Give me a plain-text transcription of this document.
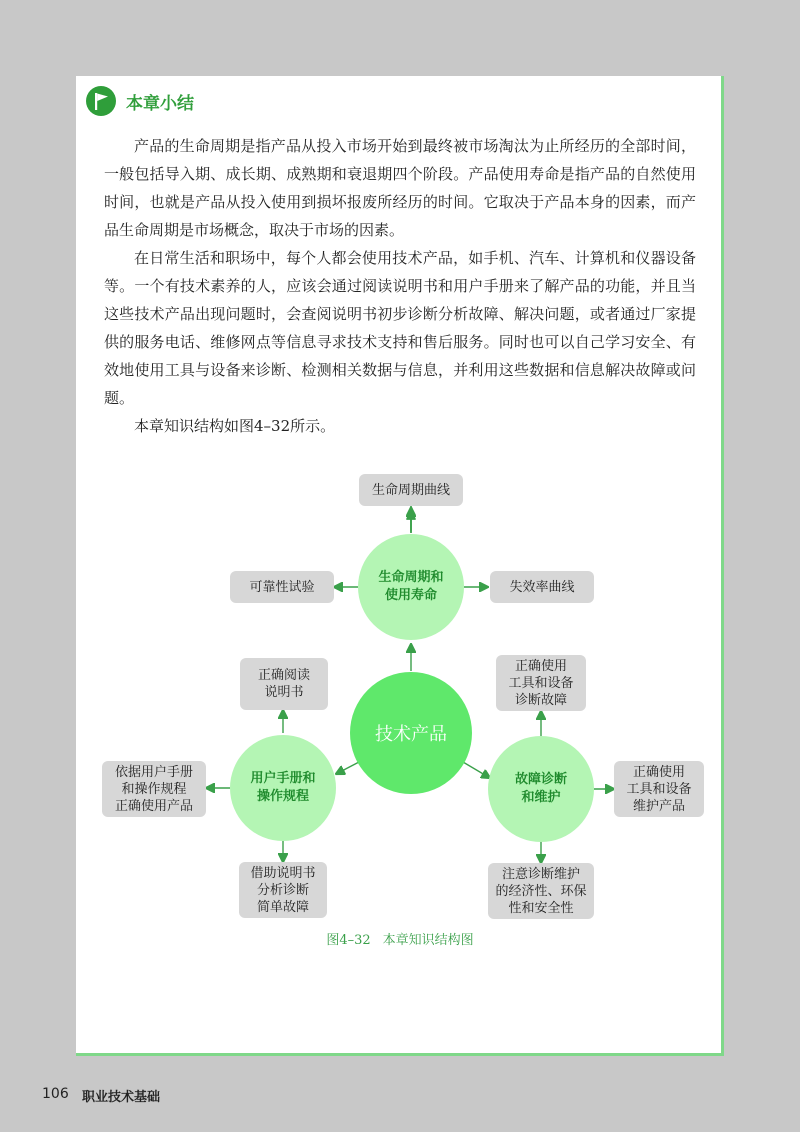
本章小结

产品的生命周期是指产品从投入市场开始到最终被市场淘汰为止所经历的全部时间，一般包括导入期、成长期、成熟期和衰退期四个阶段。产品使用寿命是指产品的自然使用时间，也就是产品从投入使用到损坏报废所经历的时间。它取决于产品本身的因素，而产品生命周期是市场概念，取决于市场的因素。

在日常生活和职场中，每个人都会使用技术产品，如手机、汽车、计算机和仪器设备等。一个有技术素养的人，应该会通过阅读说明书和用户手册来了解产品的功能，并且当这些技术产品出现问题时，会查阅说明书初步诊断分析故障、解决问题，或者通过厂家提供的服务电话、维修网点等信息寻求技术支持和售后服务。同时也可以自己学习安全、有效地使用工具与设备来诊断、检测相关数据与信息，并利用这些数据和信息解决故障或问题。

本章知识结构如图4–32所示。

生命周期曲线
可靠性试验	失效率曲线
生命周期和
使用寿命
技术产品
正确阅读
说明书
依据用户手册
和操作规程
正确使用产品
借助说明书
分析诊断
简单故障
用户手册和
操作规程
正确使用
工具和设备
诊断故障
正确使用
工具和设备
维护产品
注意诊断维护
的经济性、环保
性和安全性
故障诊断
和维护
图4–32 本章知识结构图
106 职业技术基础
